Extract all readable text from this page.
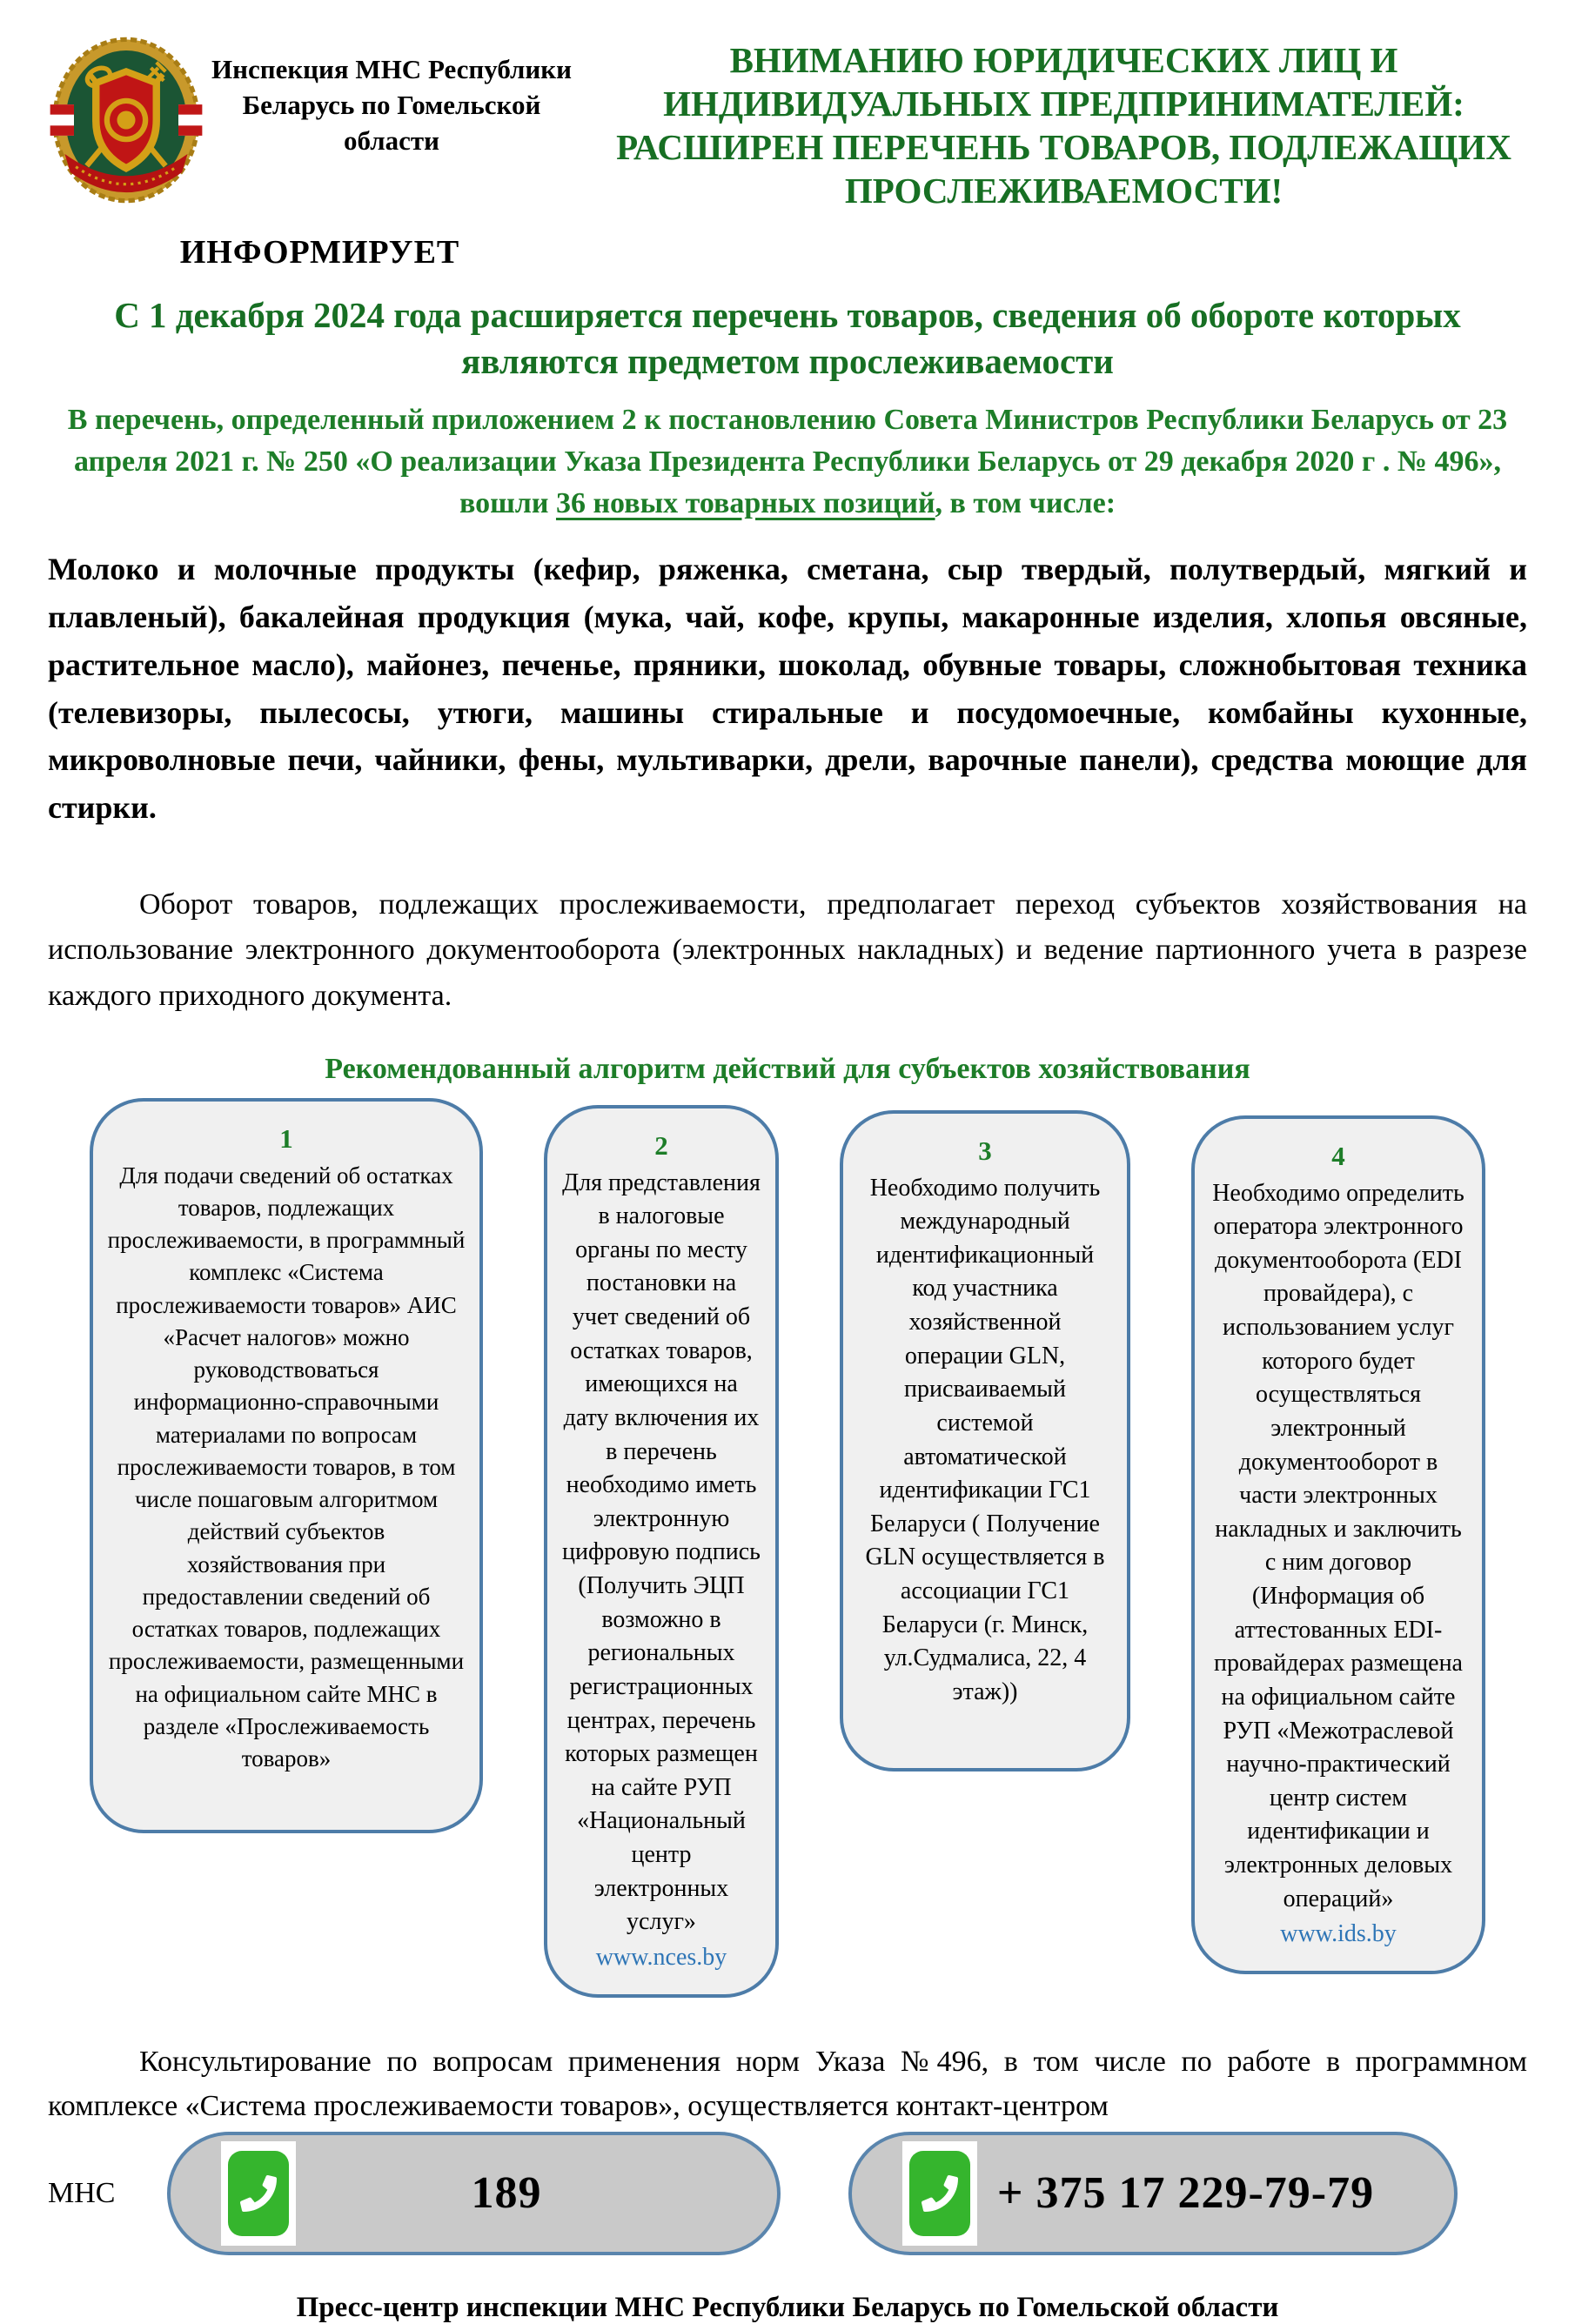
Инспекция МНС Республики Беларусь по Гомельской области
ИНФОРМИРУЕТ
ВНИМАНИЮ ЮРИДИЧЕСКИХ ЛИЦ И ИНДИВИДУАЛЬНЫХ ПРЕДПРИНИМАТЕЛЕЙ: РАСШИРЕН ПЕРЕЧЕНЬ ТОВАРОВ, ПОДЛЕЖАЩИХ ПРОСЛЕЖИВАЕМОСТИ!
С 1 декабря 2024 года расширяется перечень товаров, сведения об обороте которых являются предметом прослеживаемости
В перечень, определенный приложением 2 к постановлению Совета Министров Республики Беларусь от 23 апреля 2021 г. № 250 «О реализации Указа Президента Республики Беларусь от 29 декабря 2020 г . № 496», вошли 36 новых товарных позиций, в том числе:
Молоко и молочные продукты (кефир, ряженка, сметана, сыр твердый, полутвердый, мягкий и плавленый), бакалейная продукция (мука, чай, кофе, крупы, макаронные изделия, хлопья овсяные, растительное масло), майонез, печенье, пряники, шоколад, обувные товары, сложнобытовая техника (телевизоры, пылесосы, утюги, машины стиральные и посудомоечные, комбайны кухонные, микроволновые печи, чайники, фены, мультиварки, дрели, варочные панели), средства моющие для стирки.
Оборот товаров, подлежащих прослеживаемости, предполагает переход субъектов хозяйствования на использование электронного документооборота (электронных накладных) и ведение партионного учета в разрезе каждого приходного документа.
Рекомендованный алгоритм действий для субъектов хозяйствования
1
Для подачи сведений об остатках товаров, подлежащих прослеживаемости, в программный комплекс «Система прослеживаемости товаров» АИС «Расчет налогов» можно руководствоваться информационно-справочными материалами по вопросам прослеживаемости товаров, в том числе пошаговым алгоритмом действий субъектов хозяйствования при предоставлении сведений об остатках товаров, подлежащих прослеживаемости, размещенными на официальном сайте МНС в разделе «Прослеживаемость товаров»
2
Для представления в налоговые органы по месту постановки на учет сведений об остатках товаров, имеющихся на дату включения их в перечень необходимо иметь электронную цифровую подпись (Получить ЭЦП возможно в региональных регистрационных центрах, перечень которых размещен на сайте РУП «Национальный центр электронных услуг»
www.nces.by
3
Необходимо получить международный идентификационный код участника хозяйственной операции GLN, присваиваемый системой автоматической идентификации ГС1 Беларуси ( Получение GLN осуществляется в ассоциации ГС1 Беларуси (г. Минск, ул.Судмалиса, 22, 4 этаж))
4
Необходимо определить оператора электронного документооборота (EDI провайдера), с использованием услуг которого будет осуществляться электронный документооборот в части электронных накладных и заключить с ним договор (Информация об аттестованных EDI-провайдерах размещена на официальном сайте РУП «Межотраслевой научно-практический центр систем идентификации и электронных деловых операций»
www.ids.by
Консультирование по вопросам применения норм Указа №496, в том числе по работе в программном комплексе «Система прослеживаемости товаров», осуществляется контакт-центром
МНС	189	+ 375 17 229-79-79
Пресс-центр инспекции МНС Республики Беларусь по Гомельской области
